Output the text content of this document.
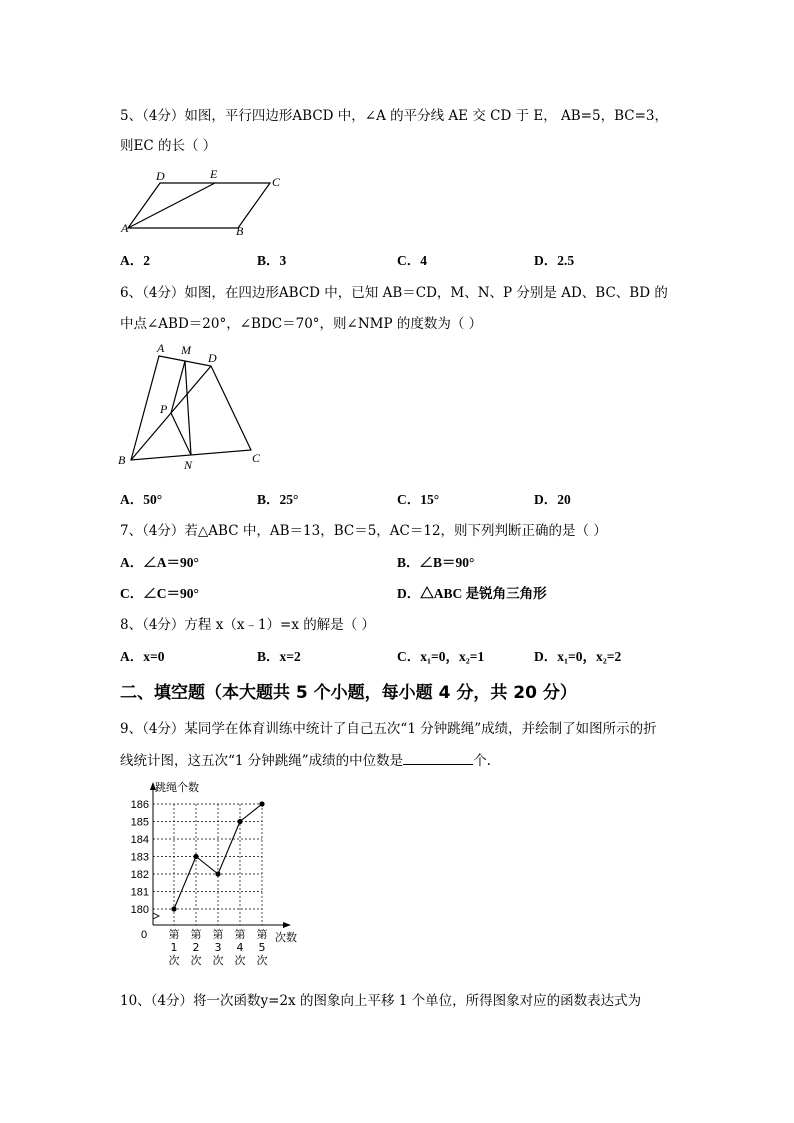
5、（4分）如图，平行四边形ABCD 中，∠A 的平分线 AE 交 CD 于 E， AB=5，BC=3，
则EC 的长（ ）
D	E
C
A	B
A．2	B．3	C．4	D．2.5
6、（4分）如图，在四边形ABCD 中，已知 AB＝CD，M、N、P 分别是 AD、BC、BD 的
中点∠ABD＝20°，∠BDC＝70°，则∠NMP 的度数为（ ）
A M
D
P
B	N	C
A．50°	B．25°	C．15°	D．20
7、（4分）若△ABC 中，AB＝13，BC＝5，AC＝12，则下列判断正确的是（ ）
A．∠A＝90°	B．∠B＝90°
C．∠C＝90°	D．△ABC 是锐角三角形
8、（4分）方程 x（x﹣1）=x 的解是（ ）
A．x=0	B．x=2	C．x₁=0，x₂=1	D．x₁=0，x₂=2
二、填空题（本大题共 5 个小题，每小题 4 分，共 20 分）
9、（4分）某同学在体育训练中统计了自己五次“1 分钟跳绳”成绩，并绘制了如图所示的折
线统计图，这五次“1 分钟跳绳”成绩的中位数是	个.
跳绳个数
次数
0
180
181
182
183
184
185
186
第
1
次
第
2
次
第
3
次
第
4
次
第
5
次
10、（4分）将一次函数y=2x 的图象向上平移 1 个单位，所得图象对应的函数表达式为
